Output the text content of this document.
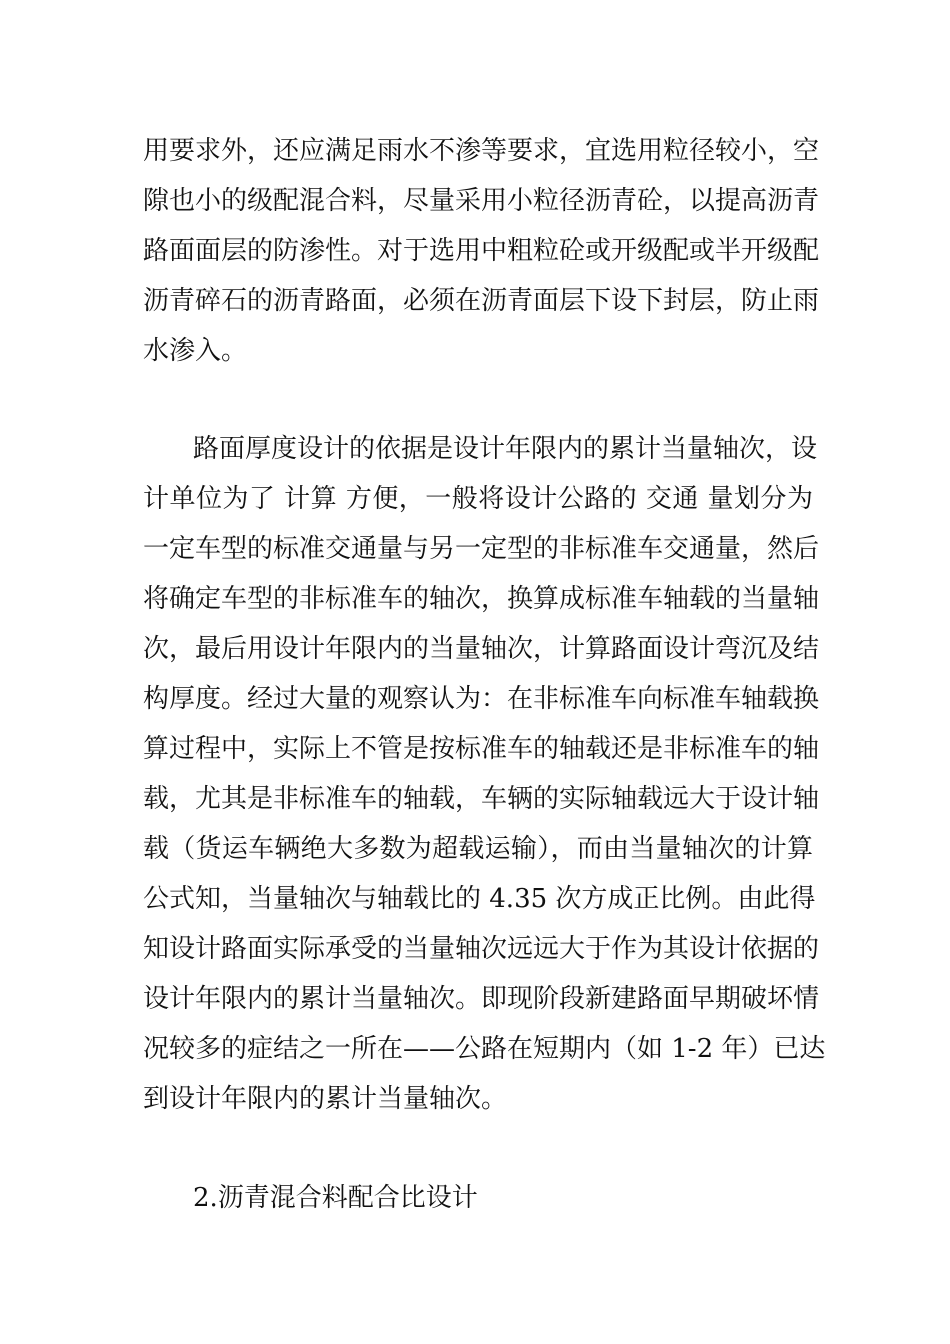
用要求外，还应满足雨水不渗等要求，宜选用粒径较小，空
隙也小的级配混合料，尽量采用小粒径沥青砼，以提高沥青
路面面层的防渗性。对于选用中粗粒砼或开级配或半开级配
沥青碎石的沥青路面，必须在沥青面层下设下封层，防止雨
水渗入。
路面厚度设计的依据是设计年限内的累计当量轴次，设
计单位为了 计算 方便，一般将设计公路的 交通 量划分为
一定车型的标准交通量与另一定型的非标准车交通量，然后
将确定车型的非标准车的轴次，换算成标准车轴载的当量轴
次，最后用设计年限内的当量轴次，计算路面设计弯沉及结
构厚度。经过大量的观察认为：在非标准车向标准车轴载换
算过程中，实际上不管是按标准车的轴载还是非标准车的轴
载，尤其是非标准车的轴载，车辆的实际轴载远大于设计轴
载（货运车辆绝大多数为超载运输），而由当量轴次的计算
公式知，当量轴次与轴载比的 4.35 次方成正比例。由此得
知设计路面实际承受的当量轴次远远大于作为其设计依据的
设计年限内的累计当量轴次。即现阶段新建路面早期破坏情
况较多的症结之一所在——公路在短期内（如 1-2 年）已达
到设计年限内的累计当量轴次。
2.沥青混合料配合比设计
